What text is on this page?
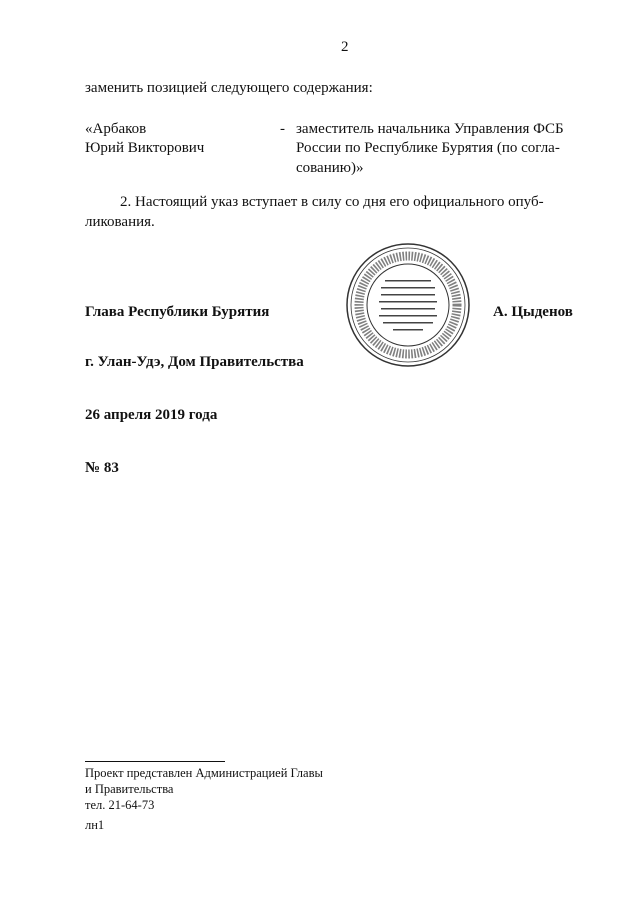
2
заменить позицией следующего содержания:
«Арбаков
Юрий Викторович
- заместитель начальника Управления ФСБ
России по Республике Бурятия (по согла-
сованию)»
2. Настоящий указ вступает в силу со дня его официального опуб-
ликования.
Глава Республики Бурятия	А. Цыденов
г. Улан-Удэ, Дом Правительства
26 апреля 2019 года
№ 83
Проект представлен Администрацией Главы
и Правительства
тел. 21-64-73
лн1
